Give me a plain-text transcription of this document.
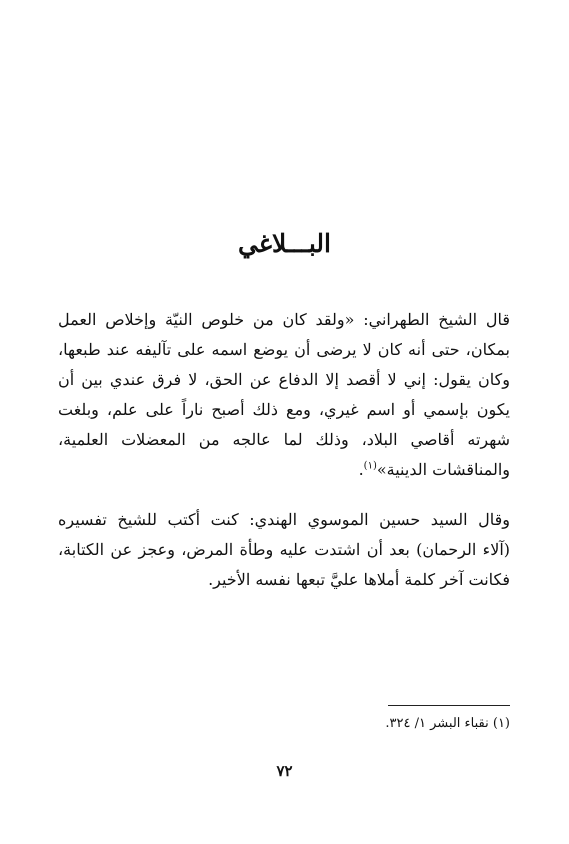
البـــلاغي
قال الشيخ الطهراني: «ولقد كان من خلوص النيّة وإخلاص العمل
بمكان، حتى أنه كان لا يرضى أن يوضع اسمه على تآليفه عند طبعها،
وكان يقول: إني لا أقصد إلا الدفاع عن الحق، لا فرق عندي بين أن
يكون بإسمي أو اسم غيري، ومع ذلك أصبح ناراً على علم، وبلغت
شهرته أقاصي البلاد، وذلك لما عالجه من المعضلات العلمية،
والمناقشات الدينية»$^{(١)}$.
وقال السيد حسين الموسوي الهندي: كنت أكتب للشيخ تفسيره
(آلاء الرحمان) بعد أن اشتدت عليه وطأة المرض، وعجز عن الكتابة،
فكانت آخر كلمة أملاها عليَّ تبعها نفسه الأخير.

(١) نقباء البشر ١/ ٣٢٤.

٧٢
